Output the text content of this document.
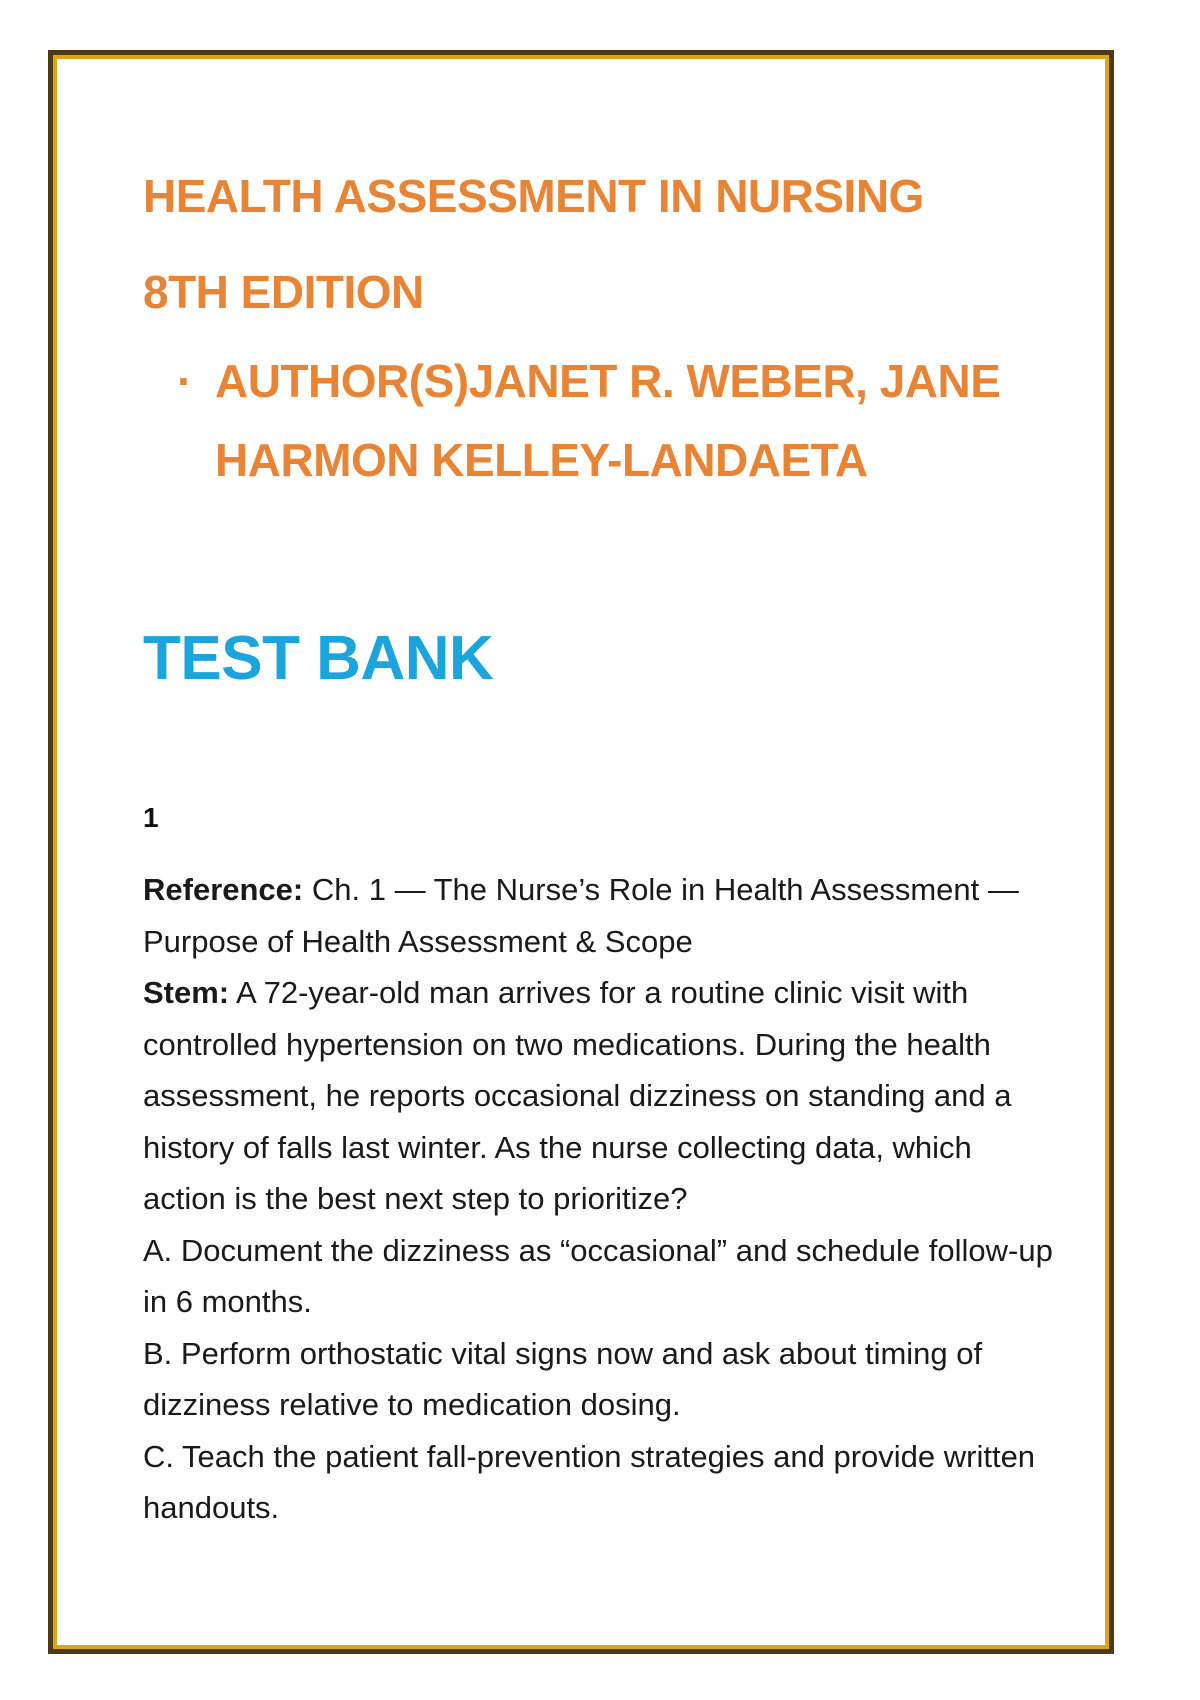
HEALTH ASSESSMENT IN NURSING
8TH EDITION
· AUTHOR(S)JANET R. WEBER, JANE HARMON KELLEY-LANDAETA
TEST BANK
1

Reference: Ch. 1 — The Nurse’s Role in Health Assessment — Purpose of Health Assessment & Scope

Stem: A 72-year-old man arrives for a routine clinic visit with controlled hypertension on two medications. During the health assessment, he reports occasional dizziness on standing and a history of falls last winter. As the nurse collecting data, which action is the best next step to prioritize?

A. Document the dizziness as “occasional” and schedule follow-up in 6 months.

B. Perform orthostatic vital signs now and ask about timing of dizziness relative to medication dosing.

C. Teach the patient fall-prevention strategies and provide written handouts.
